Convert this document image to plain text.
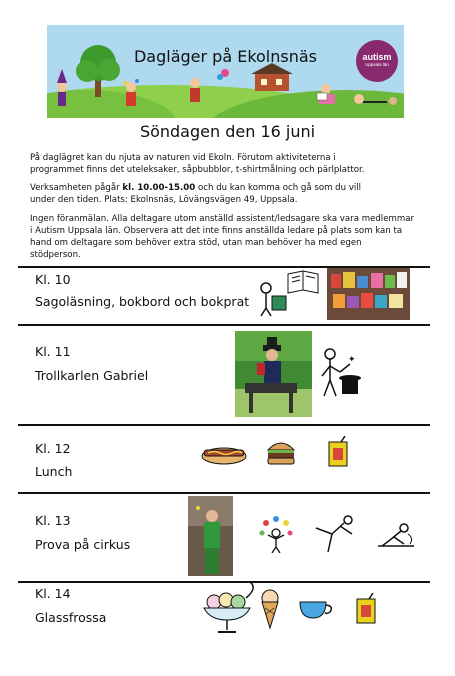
Dagläger på Ekolnsnäs	autism
Uppsala län
Söndagen den 16 juni
På daglägret kan du njuta av naturen vid Ekoln. Förutom aktiviteterna i
programmet finns det uteleksaker, såpbubblor, t-shirtmålning och pärlplattor.
Verksamheten pågår kl. 10.00-15.00 och du kan komma och gå som du vill
under den tiden. Plats: Ekolnsnäs, Lövängsvägen 49, Uppsala.
Ingen föranmälan. Alla deltagare utom anställd assistent/ledsagare ska vara medlemmar
i Autism Uppsala län. Observera att det inte finns anställda ledare på plats som kan ta
hand om deltagare som behöver extra stöd, utan man behöver ha med egen
stödperson.
Kl. 10
Sagoläsning, bokbord och bokprat
Kl. 11
Trollkarlen Gabriel
✦
Kl. 12
Lunch
Kl. 13
Prova på cirkus
Kl. 14
Glassfrossa
